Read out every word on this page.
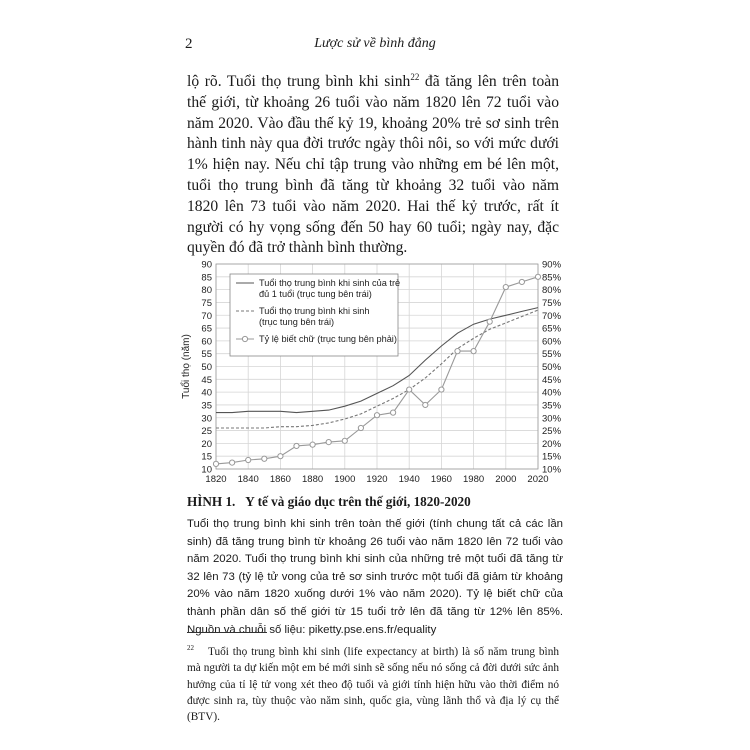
2	Lược sử về bình đẳng

lộ rõ. Tuổi thọ trung bình khi $\sinh^{22}$ đã tăng lên trên toàn thế giới, từ khoảng 26 tuổi vào năm 1820 lên 72 tuổi vào năm 2020. Vào đầu thế kỷ 19, khoảng 20% trẻ sơ sinh trên hành tinh này qua đời trước ngày thôi nôi, so với mức dưới 1% hiện nay. Nếu chỉ tập trung vào những em bé lên một, tuổi thọ trung bình đã tăng từ khoảng 32 tuổi vào năm 1820 lên 73 tuổi vào năm 2020. Hai thế kỷ trước, rất ít người có hy vọng sống đến 50 hay 60 tuổi; ngày nay, đặc quyền đó đã trở thành bình thường.

10
15
20
25
30
35
40
45
50
55
60
65
70
75
80
85
90
10%
15%
20%
25%
30%
35%
40%
45%
50%
55%
60%
65%
70%
75%
80%
85%
90%
1820 1840 1860 1880 1900 1920 1940 1960 1980 2000 2020
Tuổi thọ (năm)
Tuổi thọ trung bình khi sinh của trẻ
đủ 1 tuổi (trục tung bên trái)
Tuổi thọ trung bình khi sinh
(trục tung bên trái)
Tỷ lệ biết chữ (trục tung bên phải)
HÌNH 1. Y tế và giáo dục trên thế giới, 1820-2020

Tuổi thọ trung bình khi sinh trên toàn thế giới (tính chung tất cả các lần sinh) đã tăng trung bình từ khoảng 26 tuổi vào năm 1820 lên 72 tuổi vào năm 2020. Tuổi thọ trung bình khi sinh của những trẻ một tuổi đã tăng từ 32 lên 73 (tỷ lệ tử vong của trẻ sơ sinh trước một tuổi đã giảm từ khoảng 20% vào năm 1820 xuống dưới 1% vào năm 2020). Tỷ lệ biết chữ của thành phần dân số thế giới từ 15 tuổi trở lên đã tăng từ 12% lên 85%. Nguồn và chuỗi số liệu: piketty.pse.ens.fr/equality

$^{22}$ Tuổi thọ trung bình khi sinh (life expectancy at birth) là số năm trung bình mà người ta dự kiến một em bé mới sinh sẽ sống nếu nó sống cả đời dưới sức ảnh hưởng của tỉ lệ tử vong xét theo độ tuổi và giới tính hiện hữu vào thời điểm nó được sinh ra, tùy thuộc vào năm sinh, quốc gia, vùng lãnh thổ và địa lý cụ thể (BTV).
